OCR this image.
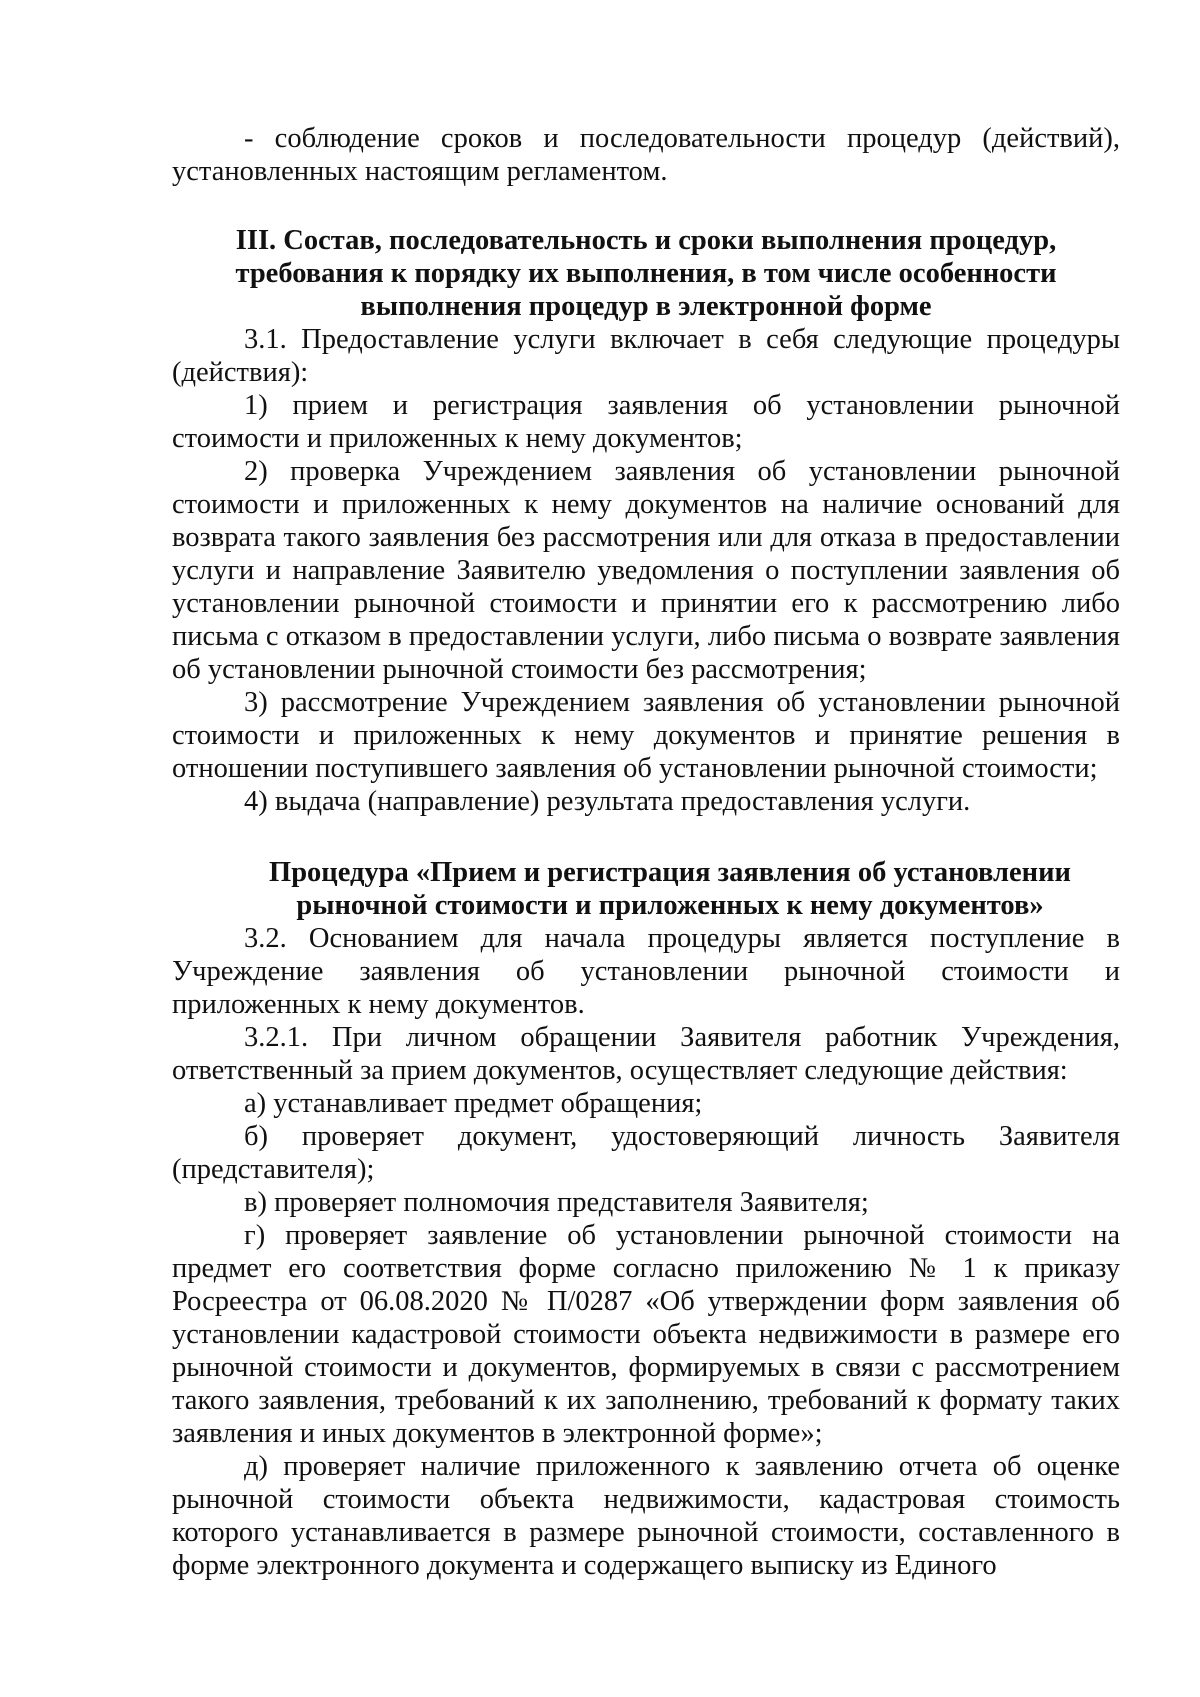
- соблюдение сроков и последовательности процедур (действий), установленных настоящим регламентом.

III. Состав, последовательность и сроки выполнения процедур,

требования к порядку их выполнения, в том числе особенности

выполнения процедур в электронной форме

3.1. Предоставление услуги включает в себя следующие процедуры (действия):

1) прием и регистрация заявления об установлении рыночной стоимости и приложенных к нему документов;

2) проверка Учреждением заявления об установлении рыночной стоимости и приложенных к нему документов на наличие оснований для возврата такого заявления без рассмотрения или для отказа в предоставлении услуги и направление Заявителю уведомления о поступлении заявления об установлении рыночной стоимости и принятии его к рассмотрению либо письма с отказом в предоставлении услуги, либо письма о возврате заявления об установлении рыночной стоимости без рассмотрения;

3) рассмотрение Учреждением заявления об установлении рыночной стоимости и приложенных к нему документов и принятие решения в отношении поступившего заявления об установлении рыночной стоимости;

4) выдача (направление) результата предоставления услуги.

Процедура «Прием и регистрация заявления об установлении

рыночной стоимости и приложенных к нему документов»

3.2. Основанием для начала процедуры является поступление в Учреждение заявления об установлении рыночной стоимости и приложенных к нему документов.

3.2.1. При личном обращении Заявителя работник Учреждения, ответственный за прием документов, осуществляет следующие действия:

а) устанавливает предмет обращения;

б) проверяет документ, удостоверяющий личность Заявителя (представителя);

в) проверяет полномочия представителя Заявителя;

г) проверяет заявление об установлении рыночной стоимости на предмет его соответствия форме согласно приложению № 1 к приказу Росреестра от 06.08.2020 № П/0287 «Об утверждении форм заявления об установлении кадастровой стоимости объекта недвижимости в размере его рыночной стоимости и документов, формируемых в связи с рассмотрением такого заявления, требований к их заполнению, требований к формату таких заявления и иных документов в электронной форме»;

д) проверяет наличие приложенного к заявлению отчета об оценке рыночной стоимости объекта недвижимости, кадастровая стоимость которого устанавливается в размере рыночной стоимости, составленного в форме электронного документа и содержащего выписку из Единого
